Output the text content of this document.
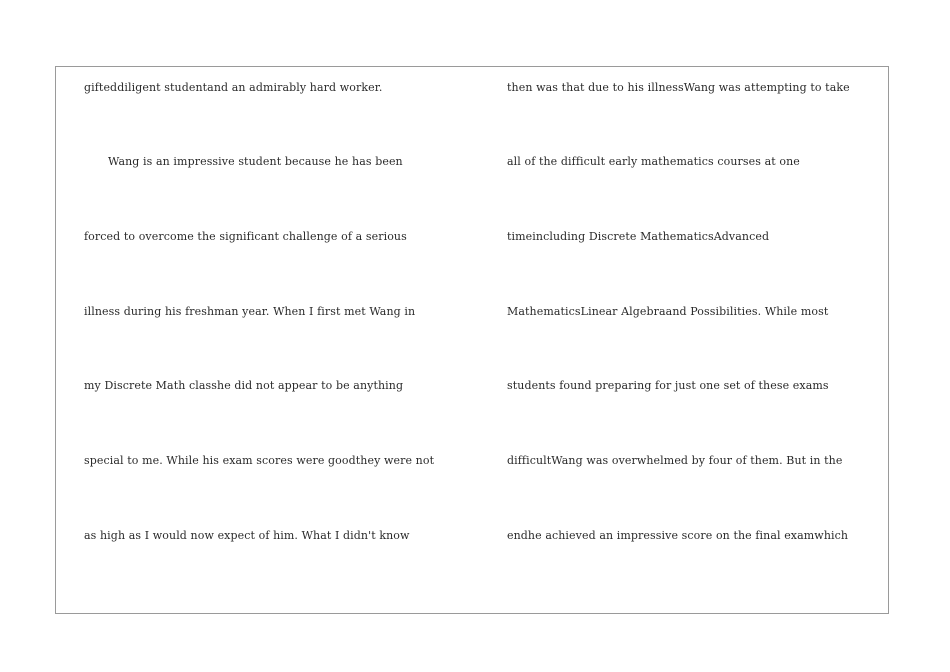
gifteddiligent studentand an admirably hard worker.

Wang is an impressive student because he has been

forced to overcome the significant challenge of a serious

illness during his freshman year. When I first met Wang in

my Discrete Math classhe did not appear to be anything

special to me. While his exam scores were goodthey were not

as high as I would now expect of him. What I didn't know

then was that due to his illnessWang was attempting to take

all of the difficult early mathematics courses at one

timeincluding Discrete MathematicsAdvanced

MathematicsLinear Algebraand Possibilities. While most

students found preparing for just one set of these exams

difficultWang was overwhelmed by four of them. But in the

endhe achieved an impressive score on the final examwhich
